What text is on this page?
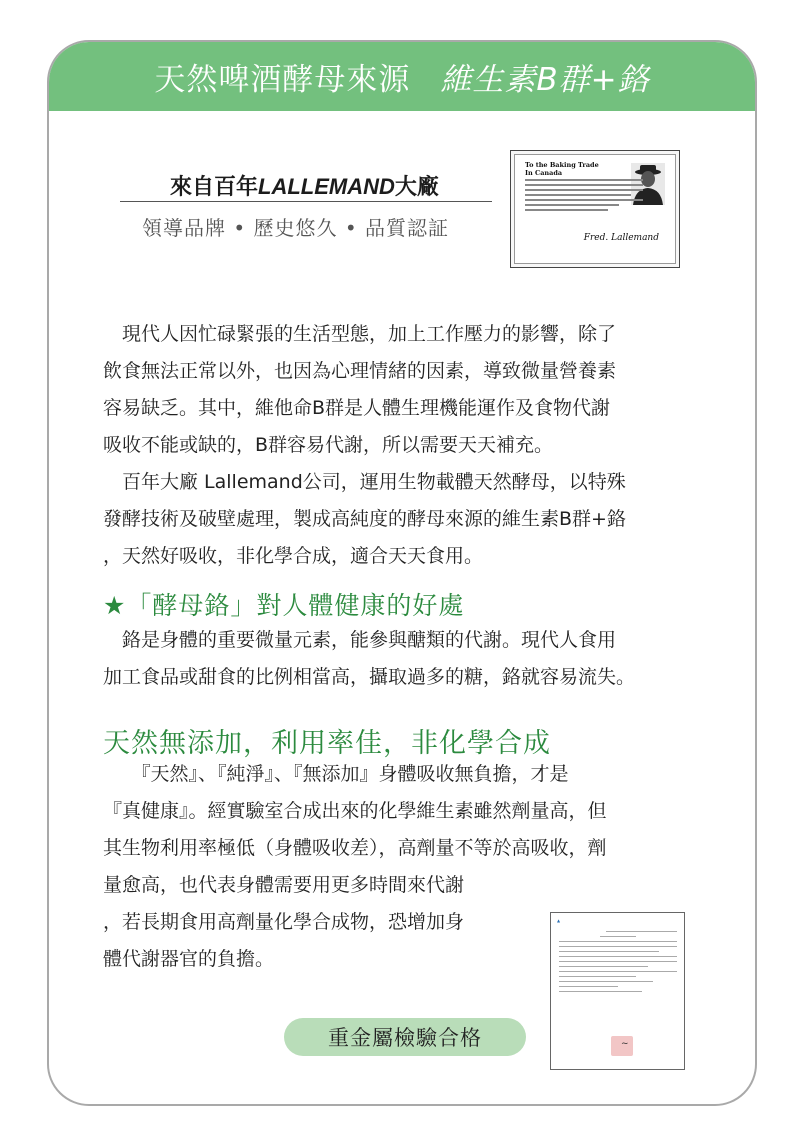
天然啤酒酵母來源 維生素B群+鉻
來自百年LALLEMAND大廠
領導品牌 • 歷史悠久 • 品質認証
To the Baking Trade
In Canada
Fred. Lallemand
　現代人因忙碌緊張的生活型態，加上工作壓力的影響，除了
飲食無法正常以外，也因為心理情緒的因素，導致微量營養素
容易缺乏。其中，維他命B群是人體生理機能運作及食物代謝
吸收不能或缺的，B群容易代謝，所以需要天天補充。
　百年大廠 Lallemand公司，運用生物載體天然酵母，以特殊
發酵技術及破壁處理，製成高純度的酵母來源的維生素B群+鉻
，天然好吸收，非化學合成，適合天天食用。
★「酵母鉻」對人體健康的好處
　鉻是身體的重要微量元素，能參與醣類的代謝。現代人食用
加工食品或甜食的比例相當高，攝取過多的糖，鉻就容易流失。
天然無添加，利用率佳，非化學合成
　　『天然』、『純淨』、『無添加』身體吸收無負擔，才是
『真健康』。經實驗室合成出來的化學維生素雖然劑量高，但
其生物利用率極低（身體吸收差），高劑量不等於高吸收，劑
量愈高，也代表身體需要用更多時間來代謝
，若長期食用高劑量化學合成物，恐增加身
體代謝器官的負擔。
▲
~
重金屬檢驗合格
